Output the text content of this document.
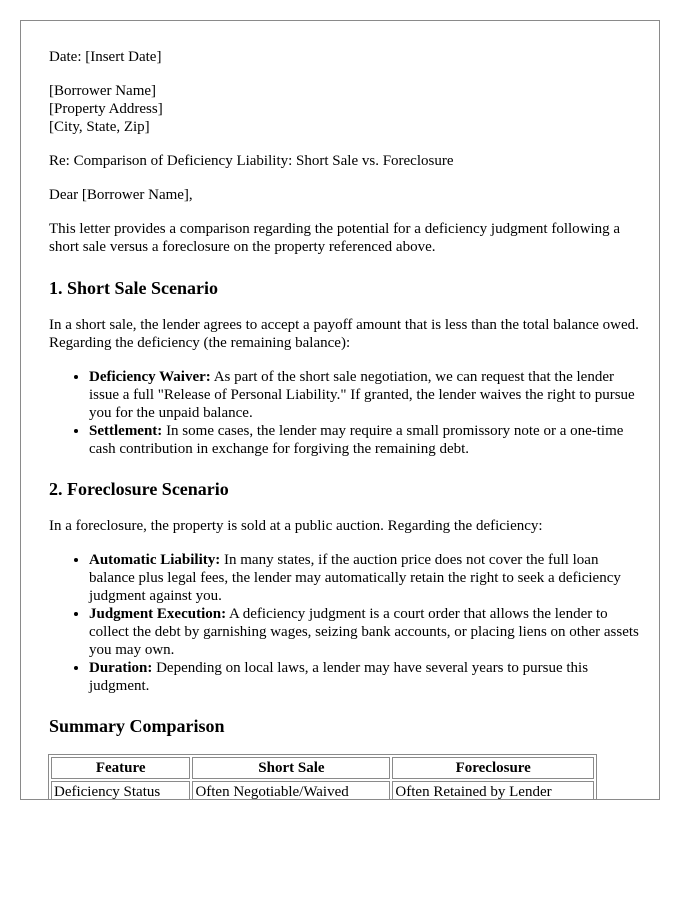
Date: [Insert Date]

[Borrower Name]

[Property Address]

[City, State, Zip]

Re: Comparison of Deficiency Liability: Short Sale vs. Foreclosure

Dear [Borrower Name],

This letter provides a comparison regarding the potential for a deficiency judgment following a short sale versus a foreclosure on the property referenced above.

1. Short Sale Scenario

In a short sale, the lender agrees to accept a payoff amount that is less than the total balance owed. Regarding the deficiency (the remaining balance):

• Deficiency Waiver: As part of the short sale negotiation, we can request that the lender issue a full "Release of Personal Liability." If granted, the lender waives the right to pursue you for the unpaid balance.
• Settlement: In some cases, the lender may require a small promissory note or a one-time cash contribution in exchange for forgiving the remaining debt.
2. Foreclosure Scenario

In a foreclosure, the property is sold at a public auction. Regarding the deficiency:

• Automatic Liability: In many states, if the auction price does not cover the full loan balance plus legal fees, the lender may automatically retain the right to seek a deficiency judgment against you.
• Judgment Execution: A deficiency judgment is a court order that allows the lender to collect the debt by garnishing wages, seizing bank accounts, or placing liens on other assets you may own.
• Duration: Depending on local laws, a lender may have several years to pursue this judgment.
Summary Comparison
Feature	Short Sale	Foreclosure
Deficiency Status	Often Negotiable/Waived	Often Retained by Lender
